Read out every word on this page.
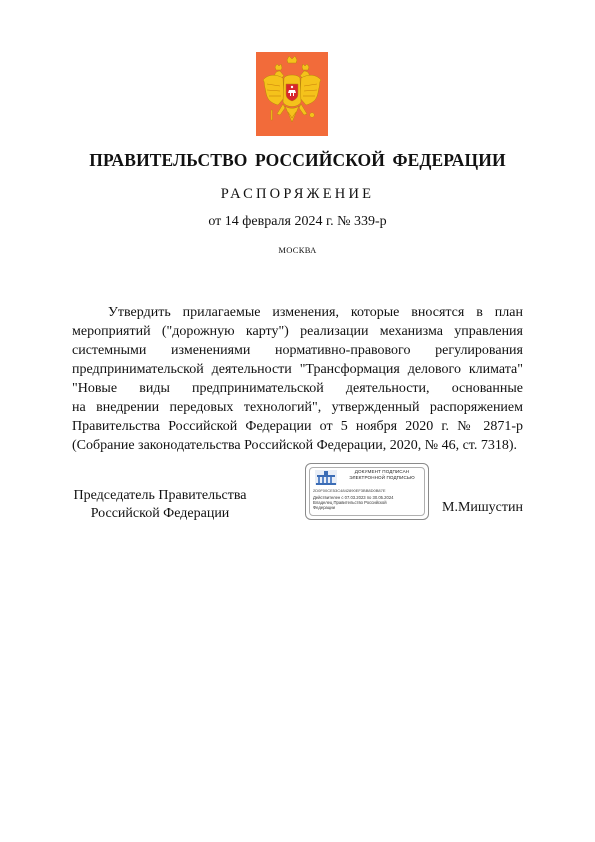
ПРАВИТЕЛЬСТВО РОССИЙСКОЙ ФЕДЕРАЦИИ
РАСПОРЯЖЕНИЕ
от 14 февраля 2024 г. № 339-р
МОСКВА
Утвердить прилагаемые изменения, которые вносятся в план
мероприятий ("дорожную карту") реализации механизма управления
системными изменениями нормативно-правового регулирования
предпринимательской деятельности "Трансформация делового климата"
"Новые виды предпринимательской деятельности, основанные
на внедрении передовых технологий", утвержденный распоряжением
Правительства Российской Федерации от 5 ноября 2020 г. № 2871-р
(Собрание законодательства Российской Федерации, 2020, № 46, ст. 7318).
Председатель Правительства
Российской Федерации
ДОКУМЕНТ ПОДПИСАН
ЭЛЕКТРОННОЙ ПОДПИСЬЮ
2D0F00CE53C4842890EF3BB8D0B87E
Действителен с 07.03.2023 по 30.05.2024
Владелец Правительство Российской
Федерации	М.Мишустин
